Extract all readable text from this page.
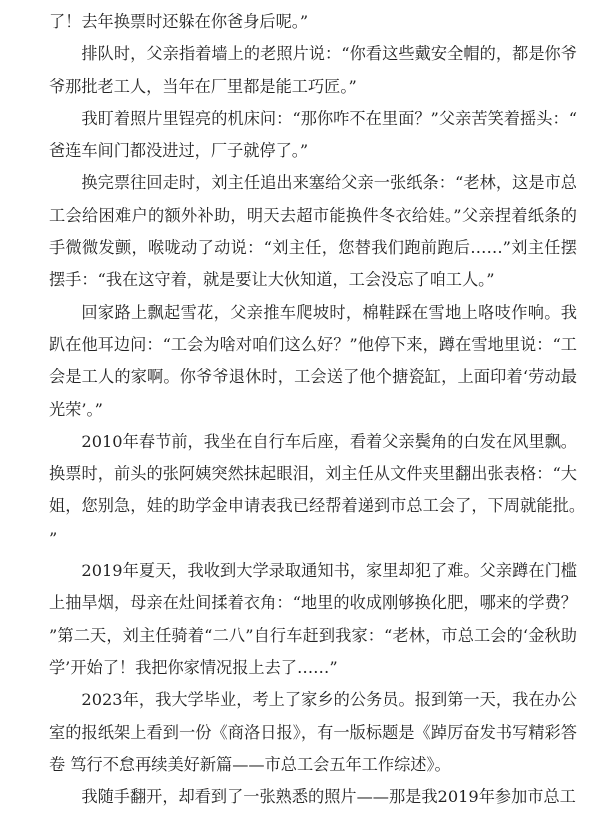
了！去年换票时还躲在你爸身后呢。”

排队时，父亲指着墙上的老照片说：“你看这些戴安全帽的，都是你爷爷那批老工人，当年在厂里都是能工巧匠。”

我盯着照片里锃亮的机床问：“那你咋不在里面？”父亲苦笑着摇头：“爸连车间门都没进过，厂子就停了。”

换完票往回走时，刘主任追出来塞给父亲一张纸条：“老林，这是市总工会给困难户的额外补助，明天去超市能换件冬衣给娃。”父亲捏着纸条的手微微发颤，喉咙动了动说：“刘主任，您替我们跑前跑后……”刘主任摆摆手：“我在这守着，就是要让大伙知道，工会没忘了咱工人。”

回家路上飘起雪花，父亲推车爬坡时，棉鞋踩在雪地上咯吱作响。我趴在他耳边问：“工会为啥对咱们这么好？”他停下来，蹲在雪地里说：“工会是工人的家啊。你爷爷退休时，工会送了他个搪瓷缸，上面印着‘劳动最光荣’。”

2010年春节前，我坐在自行车后座，看着父亲鬓角的白发在风里飘。换票时，前头的张阿姨突然抹起眼泪，刘主任从文件夹里翻出张表格：“大姐，您别急，娃的助学金申请表我已经帮着递到市总工会了，下周就能批。”

2019年夏天，我收到大学录取通知书，家里却犯了难。父亲蹲在门槛上抽旱烟，母亲在灶间揉着衣角：“地里的收成刚够换化肥，哪来的学费？”第二天，刘主任骑着“二八”自行车赶到我家：“老林，市总工会的‘金秋助学’开始了！我把你家情况报上去了……”

2023年，我大学毕业，考上了家乡的公务员。报到第一天，我在办公室的报纸架上看到一份《商洛日报》，有一版标题是《踔厉奋发书写精彩答卷 笃行不怠再续美好新篇——市总工会五年工作综述》。

我随手翻开，却看到了一张熟悉的照片——那是我2019年参加市总工
